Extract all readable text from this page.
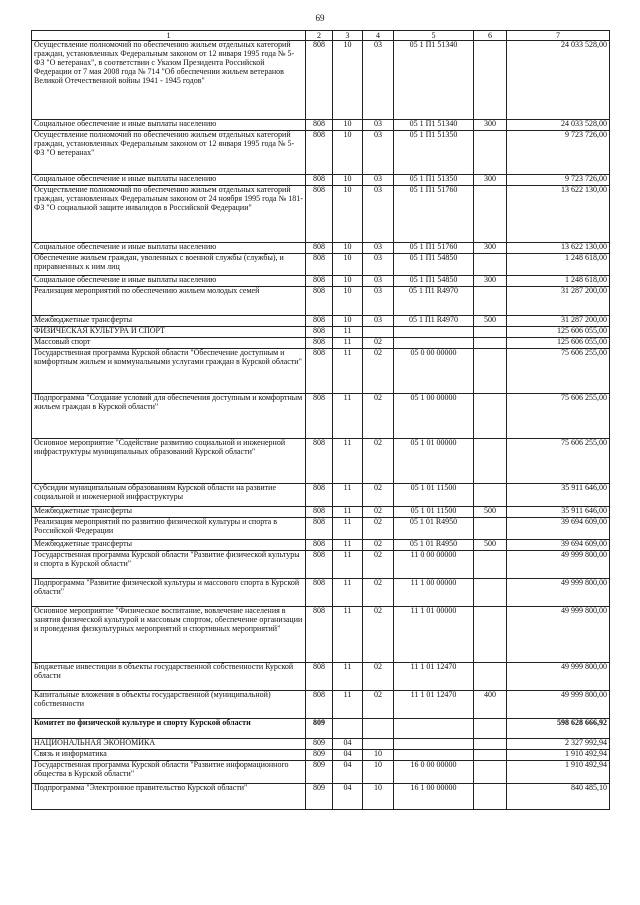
69
1	2	3	4	5	6	7
Осуществление полномочий по обеспечению жильем отдельных категорий граждан, установленных Федеральным законом от 12 января 1995 года № 5-ФЗ "О ветеранах", в соответствии с Указом Президента Российской Федерации от 7 мая 2008 года № 714 "Об обеспечении жильем ветеранов Великой Отечественной войны 1941 - 1945 годов"	808	10	03	05 1 П1 51340		24 033 528,00
Социальное обеспечение и иные выплаты населению	808	10	03	05 1 П1 51340	300	24 033 528,00
Осуществление полномочий по обеспечению жильем отдельных категорий граждан, установленных Федеральным законом от 12 января 1995 года № 5-ФЗ "О ветеранах"	808	10	03	05 1 П1 51350		9 723 726,00
Социальное обеспечение и иные выплаты населению	808	10	03	05 1 П1 51350	300	9 723 726,00
Осуществление полномочий по обеспечению жильем отдельных категорий граждан, установленных Федеральным законом от 24 ноября 1995 года № 181-ФЗ "О социальной защите инвалидов в Российской Федерации"	808	10	03	05 1 П1 51760		13 622 130,00
Социальное обеспечение и иные выплаты населению	808	10	03	05 1 П1 51760	300	13 622 130,00
Обеспечение жильем граждан, уволенных с военной службы (службы), и приравненных к ним лиц	808	10	03	05 1 П1 54850		1 248 618,00
Социальное обеспечение и иные выплаты населению	808	10	03	05 1 П1 54850	300	1 248 618,00
Реализация мероприятий по обеспечению жильем молодых семей	808	10	03	05 1 П1 R4970		31 287 200,00
Межбюджетные трансферты	808	10	03	05 1 П1 R4970	500	31 287 200,00
ФИЗИЧЕСКАЯ КУЛЬТУРА И СПОРТ	808	11				125 606 055,00
Массовый спорт	808	11	02			125 606 055,00
Государственная программа Курской области "Обеспечение доступным и комфортным жильем и коммунальными услугами граждан в Курской области"	808	11	02	05 0 00 00000		75 606 255,00
Подпрограмма "Создание условий для обеспечения доступным и комфортным жильем граждан в Курской области"	808	11	02	05 1 00 00000		75 606 255,00
Основное мероприятие "Содействие развитию социальной и инженерной инфраструктуры муниципальных образований Курской области"	808	11	02	05 1 01 00000		75 606 255,00
Субсидии муниципальным образованиям Курской области на развитие социальной и инженерной инфраструктуры	808	11	02	05 1 01 11500		35 911 646,00
Межбюджетные трансферты	808	11	02	05 1 01 11500	500	35 911 646,00
Реализация мероприятий по развитию физической культуры и спорта в Российской Федерации	808	11	02	05 1 01 R4950		39 694 609,00
Межбюджетные трансферты	808	11	02	05 1 01 R4950	500	39 694 609,00
Государственная программа Курской области "Развитие физической культуры и спорта в Курской области"	808	11	02	11 0 00 00000		49 999 800,00
Подпрограмма "Развитие физической культуры и массового спорта в Курской области"	808	11	02	11 1 00 00000		49 999 800,00
Основное мероприятие "Физическое воспитание, вовлечение населения в занятия физической культурой и массовым спортом, обеспечение организации и проведения физкультурных мероприятий и спортивных мероприятий"	808	11	02	11 1 01 00000		49 999 800,00
Бюджетные инвестиции в объекты государственной собственности Курской области	808	11	02	11 1 01 12470		49 999 800,00
Капитальные вложения в объекты государственной (муниципальной) собственности	808	11	02	11 1 01 12470	400	49 999 800,00
Комитет по физической культуре и спорту Курской области	809					598 628 666,92
НАЦИОНАЛЬНАЯ ЭКОНОМИКА	809	04				2 327 992,94
Связь и информатика	809	04	10			1 910 492,94
Государственная программа Курской области "Развитие информационного общества в Курской области"	809	04	10	16 0 00 00000		1 910 492,94
Подпрограмма "Электронное правительство Курской области"	809	04	10	16 1 00 00000		840 485,10
